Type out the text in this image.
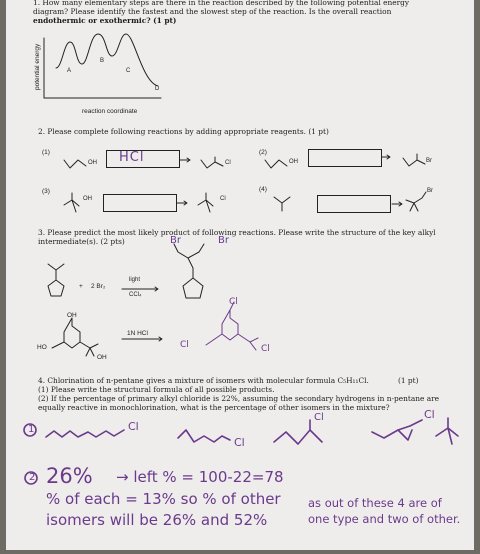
1. How many elementary steps are there in the reaction described by the following potential energy
diagram? Please identify the fastest and the slowest step of the reaction. Is the overall reaction
endothermic or exothermic? (1 pt)
potential energy
reaction coordinate
A
B
C
D
2. Please complete following reactions by adding appropriate reagents. (1 pt)
(1)	(2)
(3)	(4)
HCl
OH	Cl	OH	Br
OH	Cl
Br
3. Please predict the most likely product of following reactions. Please write the structure of the key alkyl
intermediate(s). (2 pts)	Br	Br
+ 2 Br₂
light
CCl₄
1N HCl
OH
HO
OH
Cl
Cl	Cl
4. Chlorination of n-pentane gives a mixture of isomers with molecular formula C₅H₁₁Cl.	(1 pt)
(1) Please write the structural formula of all possible products.
(2) If the percentage of primary alkyl chloride is 22%, assuming the secondary hydrogens in n-pentane are
equally reactive in monochlorination, what is the percentage of other isomers in the mixture?
1	Cl
Cl
Cl	Cl
2 26% → left % = 100-22=78
% of each = 13% so % of other
isomers will be 26% and 52%
as out of these 4 are of
one type and two of other.
